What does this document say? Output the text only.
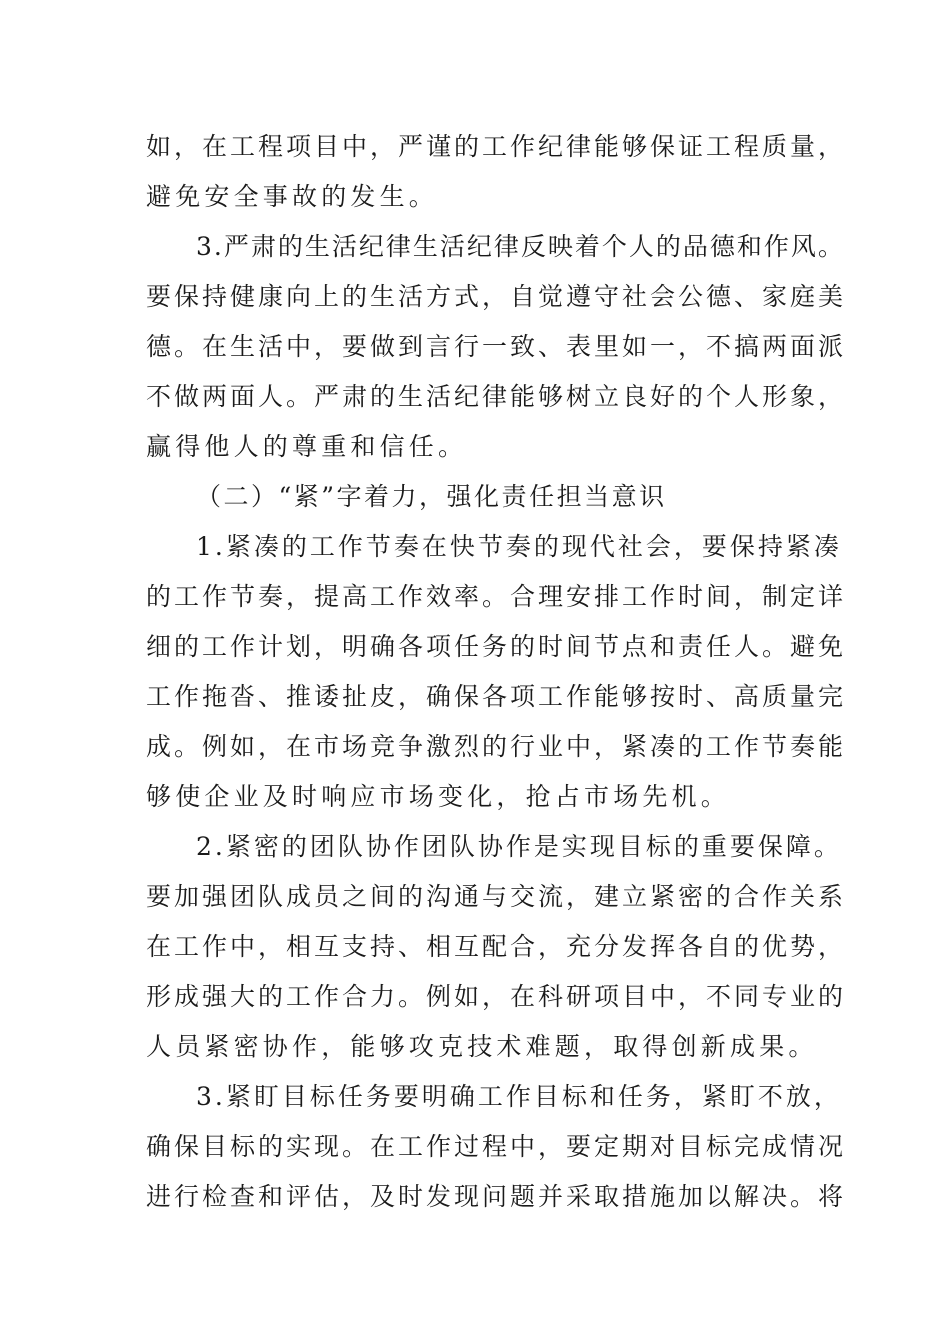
如，在工程项目中，严谨的工作纪律能够保证工程质量，
避免安全事故的发生。
3.严肃的生活纪律生活纪律反映着个人的品德和作风。
要保持健康向上的生活方式，自觉遵守社会公德、家庭美
德。在生活中，要做到言行一致、表里如一，不搞两面派
不做两面人。严肃的生活纪律能够树立良好的个人形象，
赢得他人的尊重和信任。
（二）“紧”字着力，强化责任担当意识
1.紧凑的工作节奏在快节奏的现代社会，要保持紧凑
的工作节奏，提高工作效率。合理安排工作时间，制定详
细的工作计划，明确各项任务的时间节点和责任人。避免
工作拖沓、推诿扯皮，确保各项工作能够按时、高质量完
成。例如，在市场竞争激烈的行业中，紧凑的工作节奏能
够使企业及时响应市场变化，抢占市场先机。
2.紧密的团队协作团队协作是实现目标的重要保障。
要加强团队成员之间的沟通与交流，建立紧密的合作关系
在工作中，相互支持、相互配合，充分发挥各自的优势，
形成强大的工作合力。例如，在科研项目中，不同专业的
人员紧密协作，能够攻克技术难题，取得创新成果。
3.紧盯目标任务要明确工作目标和任务，紧盯不放，
确保目标的实现。在工作过程中，要定期对目标完成情况
进行检查和评估，及时发现问题并采取措施加以解决。将
